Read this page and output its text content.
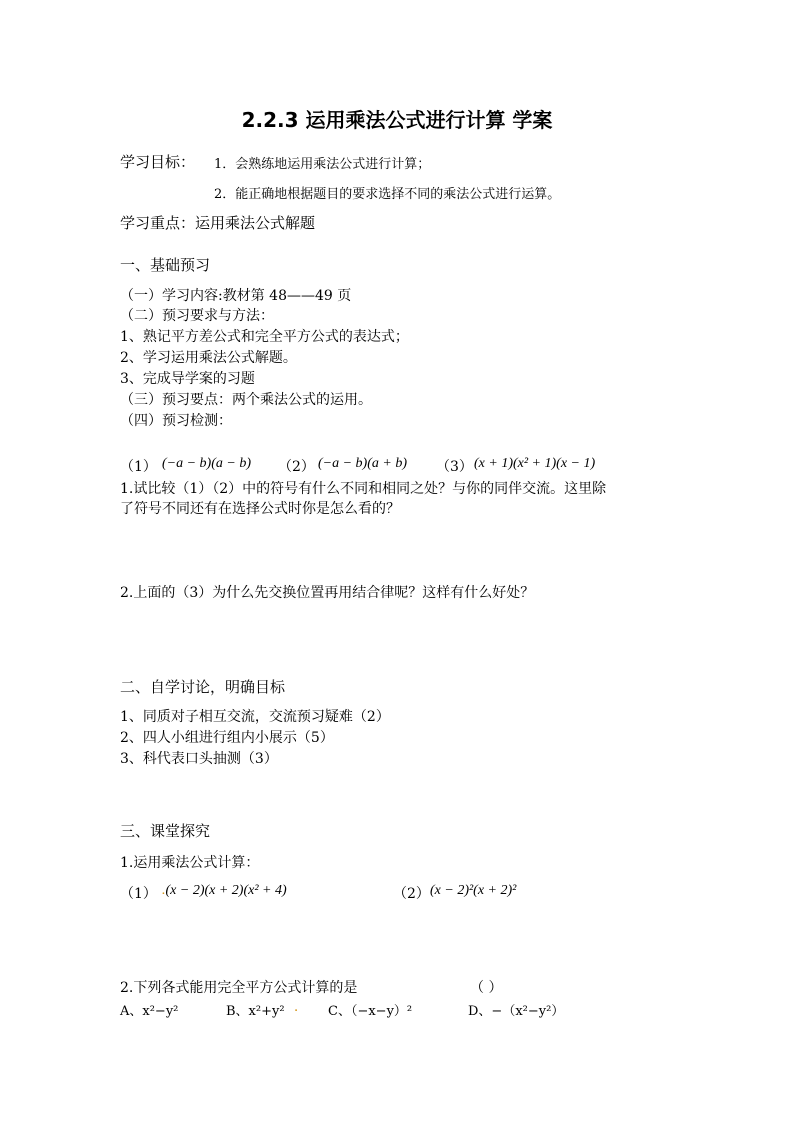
2.2.3 运用乘法公式进行计算 学案
学习目标： 1．会熟练地运用乘法公式进行计算；
2．能正确地根据题目的要求选择不同的乘法公式进行运算。
学习重点：运用乘法公式解题
一、基础预习
（一）学习内容:教材第 48——49 页
（二）预习要求与方法：
1、熟记平方差公式和完全平方公式的表达式；
2、学习运用乘法公式解题。
3、完成导学案的习题
（三）预习要点：两个乘法公式的运用。
（四）预习检测：
（1） (−a − b)(a − b) （2） (−a − b)(a + b) （3） (x + 1)(x² + 1)(x − 1)
1.试比较（1）（2）中的符号有什么不同和相同之处？与你的同伴交流。这里除
了符号不同还有在选择公式时你是怎么看的？
2.上面的（3）为什么先交换位置再用结合律呢？这样有什么好处？
二、自学讨论，明确目标
1、同质对子相互交流，交流预习疑难（2）
2、四人小组进行组内小展示（5）
3、科代表口头抽测（3）
三、课堂探究
1.运用乘法公式计算：
（1） .(x − 2)(x + 2)(x² + 4)	（2） (x − 2)²(x + 2)²
2.下列各式能用完全平方公式计算的是	（ ）
A、x²−y²	B、x²+y² . C、（−x−y）²	D、−（x²−y²）
